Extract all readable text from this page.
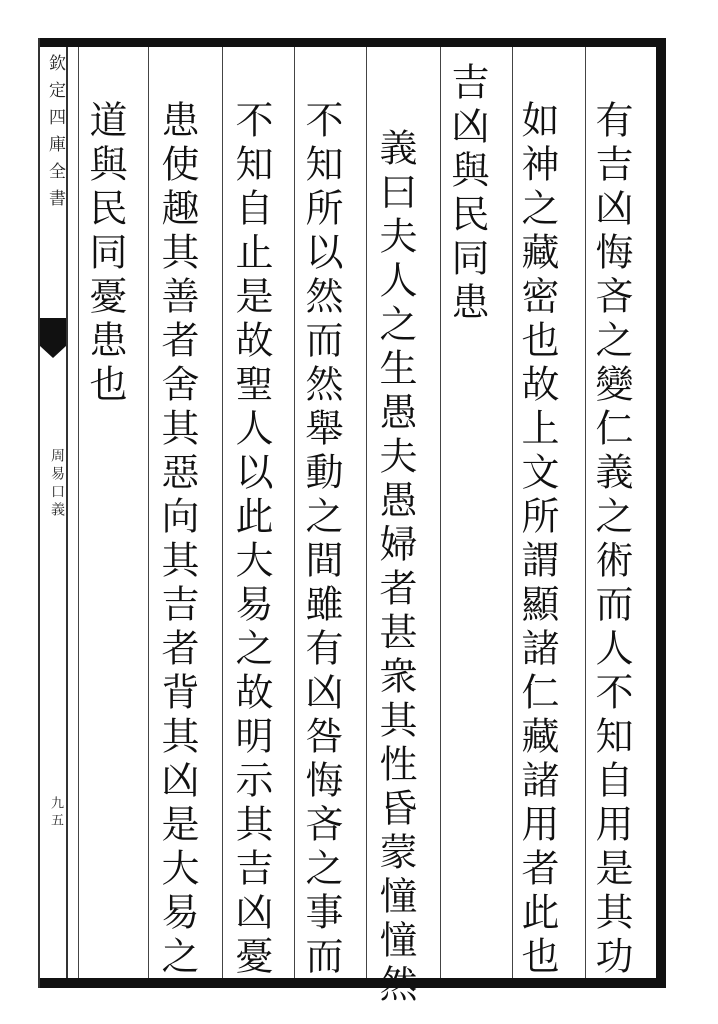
欽定四庫全書
周易口義
九五	有吉凶悔吝之變仁義之術而人不知自用是其功
如神之藏密也故上文所謂顯諸仁藏諸用者此也
吉凶與民同患
義曰夫人之生愚夫愚婦者甚衆其性昏蒙憧憧然
不知所以然而然舉動之間雖有凶咎悔吝之事而
不知自止是故聖人以此大易之故明示其吉凶憂
患使趣其善者舍其惡向其吉者背其凶是大易之
道與民同憂患也
